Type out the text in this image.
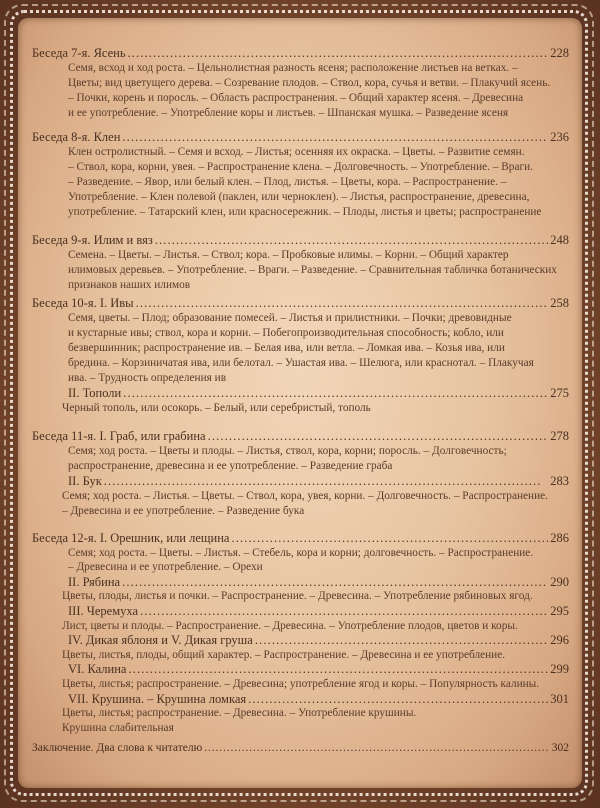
Беседа 7-я. Ясень . . .	228
Семя, всход и ход роста. – Цельнолистная разность ясеня; расположение листьев на ветках. –
Цветы; вид цветущего дерева. – Созревание плодов. – Ствол, кора, сучья и ветви. – Плакучий ясень.
– Почки, корень и поросль. – Область распространения. – Общий характер ясеня. – Древесина
и ее употребление. – Употребление коры и листьев. – Шпанская мушка. – Разведение ясеня
Беседа 8-я. Клен . . .	236
Клен остролистный. – Семя и всход. – Листья; осенняя их окраска. – Цветы. – Развитие семян.
– Ствол, кора, корни, увея. – Распространение клена. – Долговечность. – Употребление. – Враги.
– Разведение. – Явор, или белый клен. – Плод, листья. – Цветы, кора. – Распространение. –
Употребление. – Клен полевой (паклен, или черноклен). – Листья, распространение, древесина,
употребление. – Татарский клен, или красносережник. – Плоды, листья и цветы; распространение
Беседа 9-я. Илим и вяз . . .	248
Семена. – Цветы. – Листья. – Ствол; кора. – Пробковые илимы. – Корни. – Общий характер
илимовых деревьев. – Употребление. – Враги. – Разведение. – Сравнительная табличка ботанических
признаков наших илимов
Беседа 10-я. I. Ивы . . .	258
Семя, цветы. – Плод; образование помесей. – Листья и прилистники. – Почки; древовидные
и кустарные ивы; ствол, кора и корни. – Побегопроизводительная способность; кобло, или
безвершинник; распространение ив. – Белая ива, или ветла. – Ломкая ива. – Козья ива, или
бредина. – Корзиничатая ива, или белотал. – Ушастая ива. – Шелюга, или краснотал. – Плакучая
ива. – Трудность определения ив
II. Тополи . . .	275
Черный тополь, или осокорь. – Белый, или серебристый, тополь
Беседа 11-я. I. Граб, или грабина . . .	278
Семя; ход роста. – Цветы и плоды. – Листья, ствол, кора, корни; поросль. – Долговечность;
распространение, древесина и ее употребление. – Разведение граба
II. Бук . . .	283
Семя; ход роста. – Листья. – Цветы. – Ствол, кора, увея, корни. – Долговечность. – Распространение.
– Древесина и ее употребление. – Разведение бука
Беседа 12-я. I. Орешник, или лещина . . .	286
Семя; ход роста. – Цветы. – Листья. – Стебель, кора и корни; долговечность. – Распространение.
– Древесина и ее употребление. – Орехи
II. Рябина . . .	290
Цветы, плоды, листья и почки. – Распространение. – Древесина. – Употребление рябиновых ягод.
III. Черемуха . . .	295
Лист, цветы и плоды. – Распространение. – Древесина. – Употребление плодов, цветов и коры.
IV. Дикая яблоня и V. Дикая груша . . .	296
Цветы, листья, плоды, общий характер. – Распространение. – Древесина и ее употребление.
VI. Калина . . .	299
Цветы, листья; распространение. – Древесина; употребление ягод и коры. – Популярность калины.
VII. Крушина. – Крушина ломкая . . .	301
Цветы, листья; распространение. – Древесина. – Употребление крушины.
Крушина слабительная
Заключение. Два слова к читателю . . .	302
